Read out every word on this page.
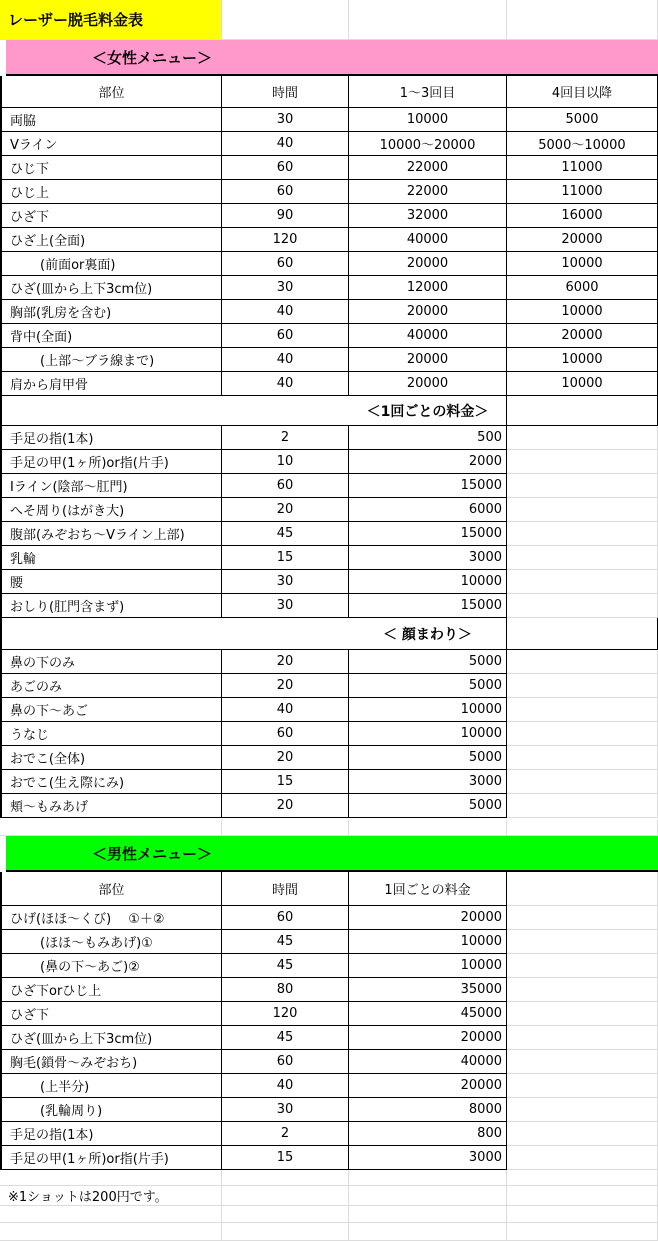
レーザー脱毛料金表
＜女性メニュー＞
部位	時間	1～3回目	4回目以降
両脇	30	10000	5000
Vライン	40	10000～20000	5000～10000
ひじ下	60	22000	11000
ひじ上	60	22000	11000
ひざ下	90	32000	16000
ひざ上(全面)	120	40000	20000
(前面or裏面)	60	20000	10000
ひざ(皿から上下3cm位)	30	12000	6000
胸部(乳房を含む)	40	20000	10000
背中(全面)	60	40000	20000
(上部～ブラ線まで)	40	20000	10000
肩から肩甲骨	40	20000	10000
＜1回ごとの料金＞
手足の指(1本)	2	500
手足の甲(1ヶ所)or指(片手)	10	2000
Iライン(陰部～肛門)	60	15000
へそ周り(はがき大)	20	6000
腹部(みぞおち～Vライン上部)	45	15000
乳輪	15	3000
腰	30	10000
おしり(肛門含まず)	30	15000
＜ 顔まわり＞
鼻の下のみ	20	5000
あごのみ	20	5000
鼻の下～あご	40	10000
うなじ	60	10000
おでこ(全体)	20	5000
おでこ(生え際にみ)	15	3000
頬～もみあげ	20	5000
＜男性メニュー＞
部位	時間	1回ごとの料金
ひげ(ほほ～くび)　 ①＋②	60	20000
(ほほ～もみあげ)①	45	10000
(鼻の下～あご)②	45	10000
ひざ下orひじ上	80	35000
ひざ下	120	45000
ひざ(皿から上下3cm位)	45	20000
胸毛(鎖骨～みぞおち)	60	40000
(上半分)	40	20000
(乳輪周り)	30	8000
手足の指(1本)	2	800
手足の甲(1ヶ所)or指(片手)	15	3000
※1ショットは200円です。
